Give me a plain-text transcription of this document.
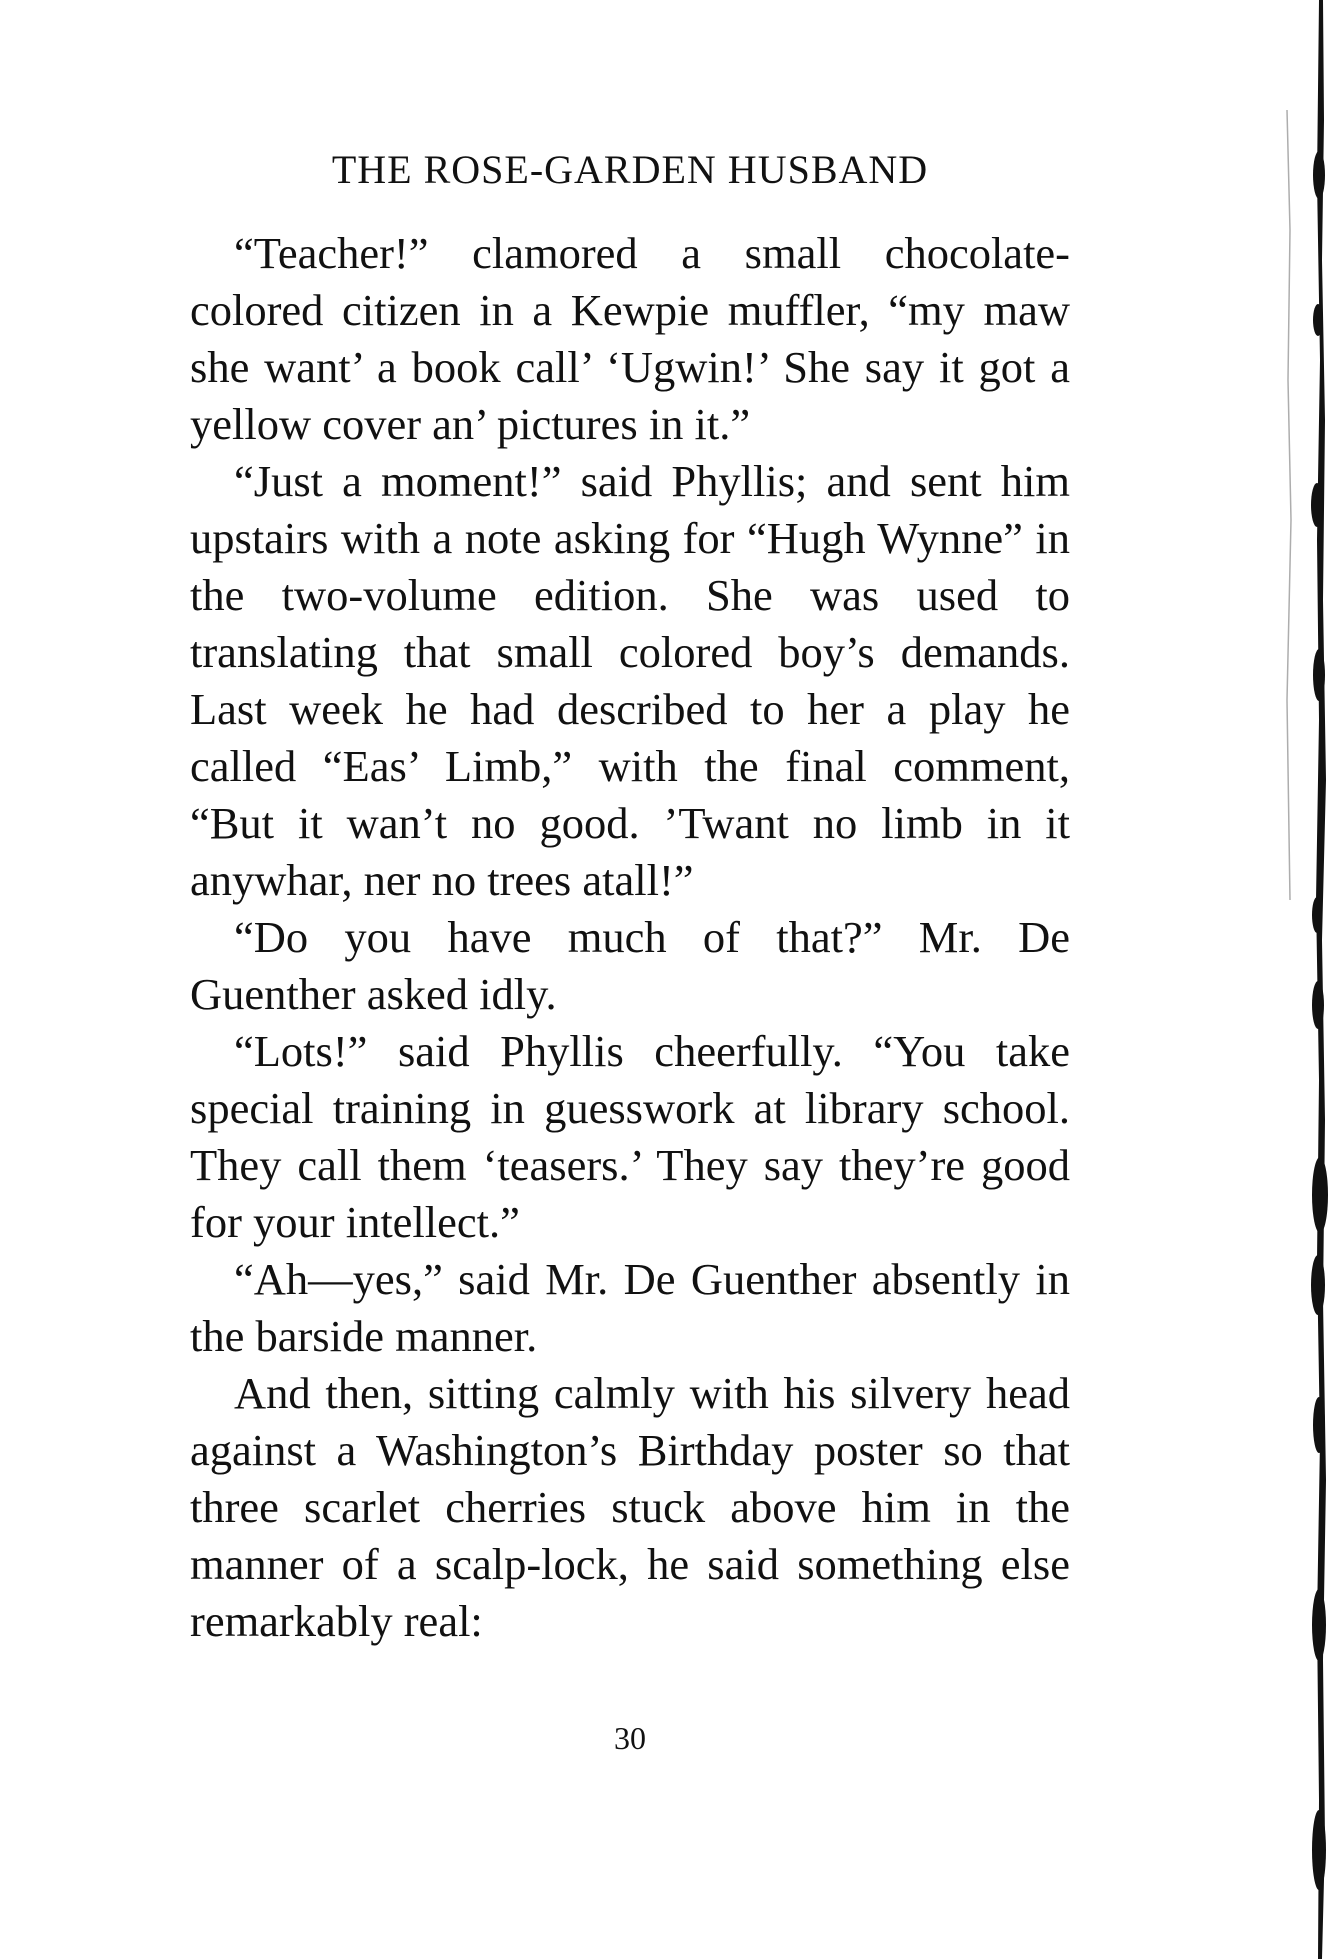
THE ROSE-GARDEN HUSBAND

“Teacher!” clamored a small chocolate-colored citizen in a Kewpie muffler, “my maw she want’ a book call’ ‘Ugwin!’ She say it got a yellow cover an’ pictures in it.”

“Just a moment!” said Phyllis; and sent him upstairs with a note asking for “Hugh Wynne” in the two-volume edition. She was used to translating that small colored boy’s demands. Last week he had described to her a play he called “Eas’ Limb,” with the final comment, “But it wan’t no good. ’Twant no limb in it anywhar, ner no trees atall!”

“Do you have much of that?” Mr. De Guenther asked idly.

“Lots!” said Phyllis cheerfully. “You take special training in guesswork at library school. They call them ‘teasers.’ They say they’re good for your intellect.”

“Ah—yes,” said Mr. De Guenther absently in the barside manner.

And then, sitting calmly with his silvery head against a Washington’s Birthday poster so that three scarlet cherries stuck above him in the manner of a scalp-lock, he said something else remarkably real:

30
